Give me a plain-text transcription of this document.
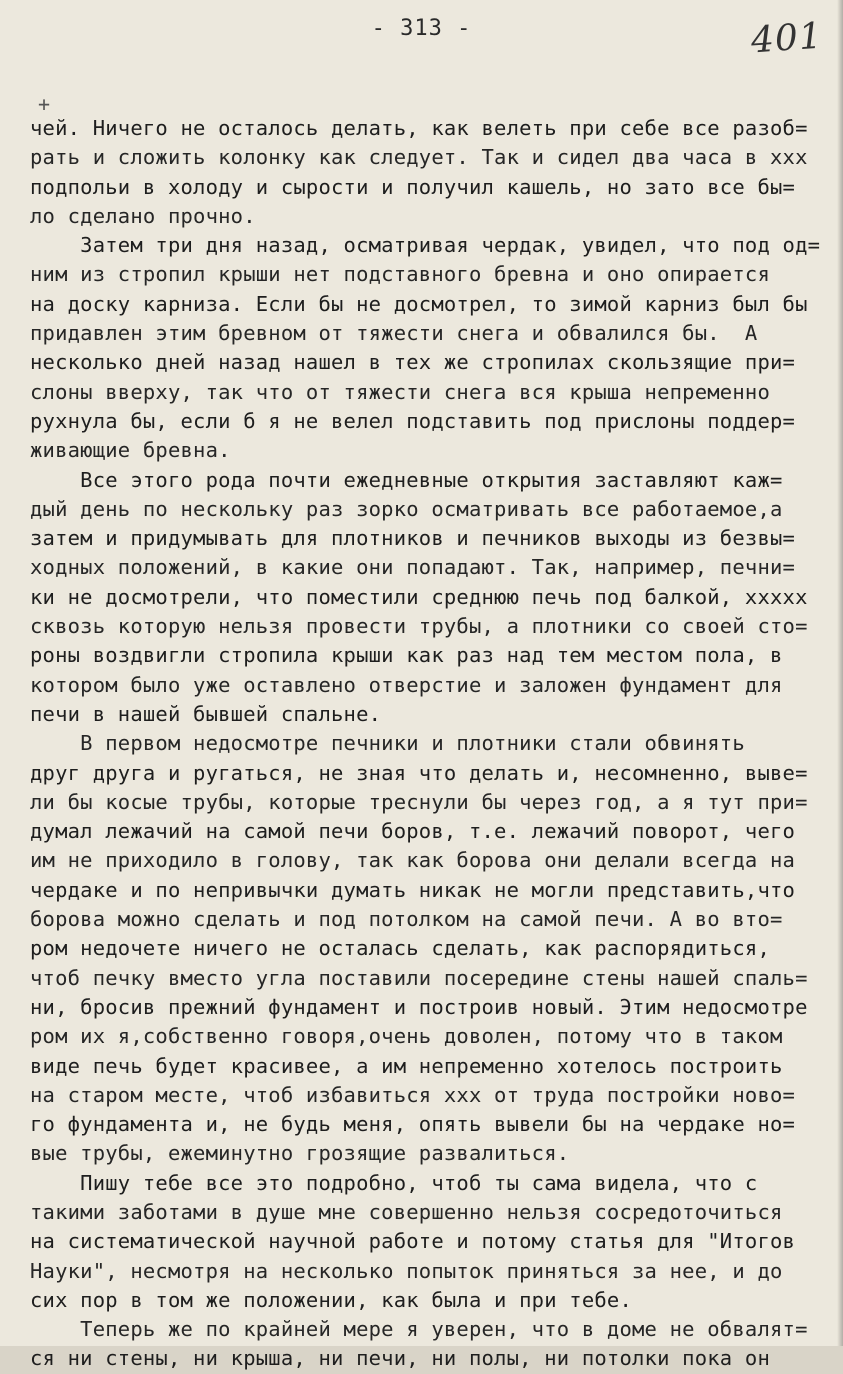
- 313 -	401
+
чей. Ничего не осталось делать, как велеть при себе все разоб=
рать и сложить колонку как следует. Так и сидел два часа в xxx
подпольи в холоду и сырости и получил кашель, но зато все бы=
ло сделано прочно.
Затем три дня назад, осматривая чердак, увидел, что под од=
ним из стропил крыши нет подставного бревна и оно опирается
на доску карниза. Если бы не досмотрел, то зимой карниз был бы
придавлен этим бревном от тяжести снега и обвалился бы.  А
несколько дней назад нашел в тех же стропилах скользящие при=
слоны вверху, так что от тяжести снега вся крыша непременно
рухнула бы, если б я не велел подставить под прислоны поддер=
живающие бревна.
Все этого рода почти ежедневные открытия заставляют каж=
дый день по нескольку раз зорко осматривать все работаемое,а
затем и придумывать для плотников и печников выходы из безвы=
ходных положений, в какие они попадают. Так, например, печни=
ки не досмотрели, что поместили среднюю печь под балкой, xxxxx
сквозь которую нельзя провести трубы, а плотники со своей сто=
роны воздвигли стропила крыши как раз над тем местом пола, в
котором было уже оставлено отверстие и заложен фундамент для
печи в нашей бывшей спальне.
В первом недосмотре печники и плотники стали обвинять
друг друга и ругаться, не зная что делать и, несомненно, выве=
ли бы косые трубы, которые треснули бы через год, а я тут при=
думал лежачий на самой печи боров, т.е. лежачий поворот, чего
им не приходило в голову, так как борова они делали всегда на
чердаке и по непривычки думать никак не могли представить,что
борова можно сделать и под потолком на самой печи. А во вто=
ром недочете ничего не осталась сделать, как распорядиться,
чтоб печку вместо угла поставили посередине стены нашей спаль=
ни, бросив прежний фундамент и построив новый. Этим недосмотре
ром их я,собственно говоря,очень доволен, потому что в таком
виде печь будет красивее, а им непременно хотелось построить
на старом месте, чтоб избавиться xxx от труда постройки ново=
го фундамента и, не будь меня, опять вывели бы на чердаке но=
вые трубы, ежеминутно грозящие развалиться.
Пишу тебе все это подробно, чтоб ты сама видела, что с
такими заботами в душе мне совершенно нельзя сосредоточиться
на систематической научной работе и потому статья для "Итогов
Науки", несмотря на несколько попыток приняться за нее, и до
сих пор в том же положении, как была и при тебе.
Теперь же по крайней мере я уверен, что в доме не обвалят=
ся ни стены, ни крыша, ни печи, ни полы, ни потолки пока он
